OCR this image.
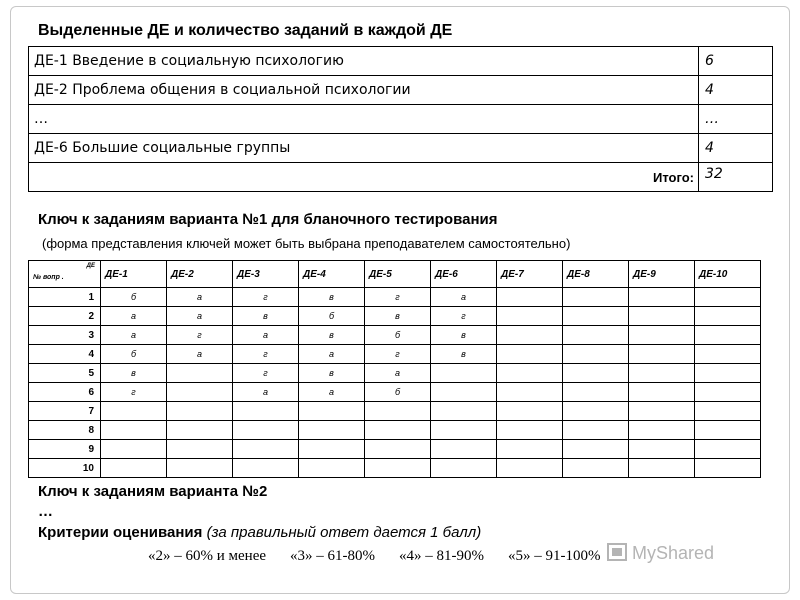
Выделенные ДЕ и количество заданий в каждой ДЕ
ДЕ-1 Введение в социальную психологию	6
ДЕ-2 Проблема общения в социальной психологии	4
…	…
ДЕ-6 Большие социальные группы	4
Итого:	32
Ключ к заданиям варианта №1 для бланочного тестирования
(форма представления ключей может быть выбрана преподавателем самостоятельно)
ДЕ
№ вопр .	ДЕ-1	ДЕ-2	ДЕ-3	ДЕ-4	ДЕ-5	ДЕ-6	ДЕ-7	ДЕ-8	ДЕ-9	ДЕ-10
1	б	а	г	в	г	а				
2	а	а	в	б	в	г				
3	а	г	а	в	б	в				
4	б	а	г	а	г	в				
5	в		г	в	а					
6	г		а	а	б					
7										
8										
9										
10										
Ключ к заданиям варианта №2
…
Критерии оценивания (за правильный ответ дается 1 балл)
«2» – 60% и менее «3» – 61-80% «4» – 81-90% «5» – 91-100%	MyShared
